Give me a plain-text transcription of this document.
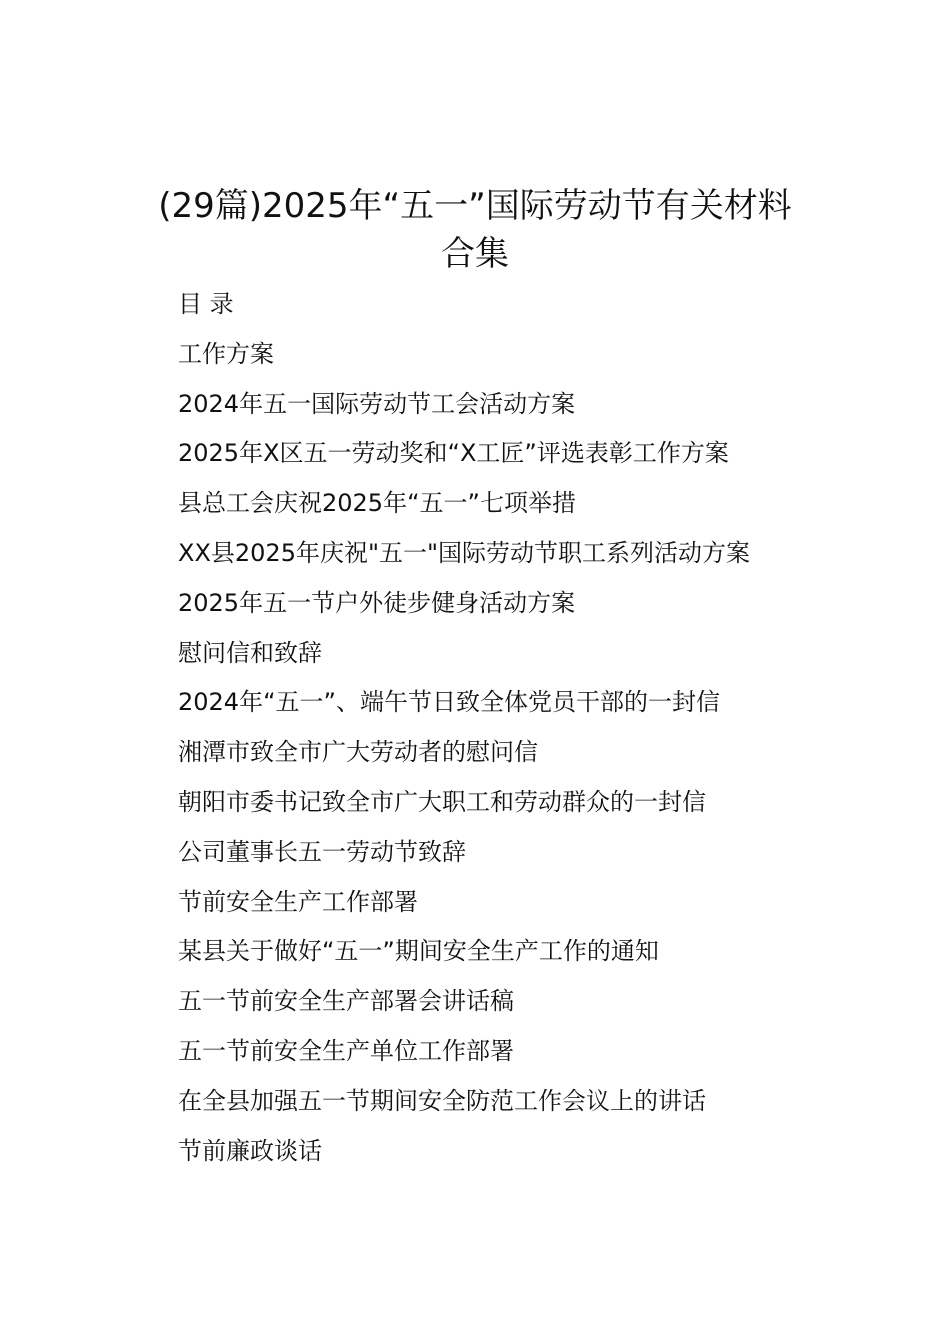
(29篇)2025年“五一”国际劳动节有关材料
合集
目 录
工作方案
2024年五一国际劳动节工会活动方案
2025年X区五一劳动奖和“X工匠”评选表彰工作方案
县总工会庆祝2025年“五一”七项举措
XX县2025年庆祝"五一"国际劳动节职工系列活动方案
2025年五一节户外徒步健身活动方案
慰问信和致辞
2024年“五一”、端午节日致全体党员干部的一封信
湘潭市致全市广大劳动者的慰问信
朝阳市委书记致全市广大职工和劳动群众的一封信
公司董事长五一劳动节致辞
节前安全生产工作部署
某县关于做好“五一”期间安全生产工作的通知
五一节前安全生产部署会讲话稿
五一节前安全生产单位工作部署
在全县加强五一节期间安全防范工作会议上的讲话
节前廉政谈话
